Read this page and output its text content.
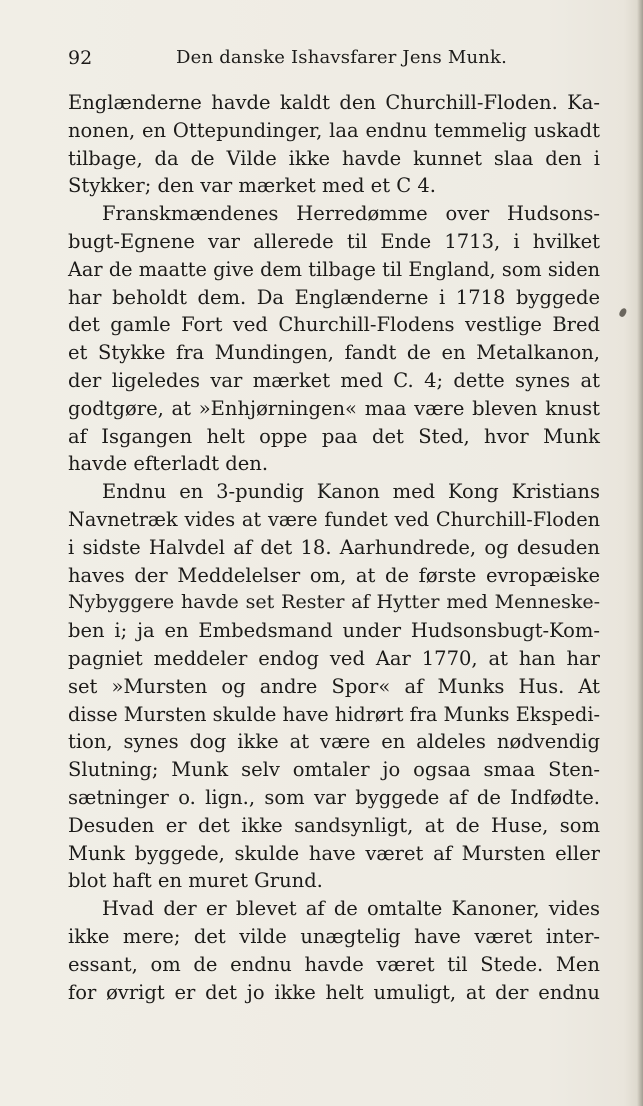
92	Den danske Ishavsfarer Jens Munk.
Englænderne havde kaldt den Churchill-Floden. Ka-
nonen, en Ottepundinger, laa endnu temmelig uskadt
tilbage, da de Vilde ikke havde kunnet slaa den i
Stykker; den var mærket med et C 4.
Franskmændenes Herredømme over Hudsons-
bugt-Egnene var allerede til Ende 1713, i hvilket
Aar de maatte give dem tilbage til England, som siden
har beholdt dem. Da Englænderne i 1718 byggede
det gamle Fort ved Churchill-Flodens vestlige Bred
et Stykke fra Mundingen, fandt de en Metalkanon,
der ligeledes var mærket med C. 4; dette synes at
godtgøre, at »Enhjørningen« maa være bleven knust
af Isgangen helt oppe paa det Sted, hvor Munk
havde efterladt den.
Endnu en 3-pundig Kanon med Kong Kristians
Navnetræk vides at være fundet ved Churchill-Floden
i sidste Halvdel af det 18. Aarhundrede, og desuden
haves der Meddelelser om, at de første evropæiske
Nybyggere havde set Rester af Hytter med Menneske-
ben i; ja en Embedsmand under Hudsonsbugt-Kom-
pagniet meddeler endog ved Aar 1770, at han har
set »Mursten og andre Spor« af Munks Hus. At
disse Mursten skulde have hidrørt fra Munks Ekspedi-
tion, synes dog ikke at være en aldeles nødvendig
Slutning; Munk selv omtaler jo ogsaa smaa Sten-
sætninger o. lign., som var byggede af de Indfødte.
Desuden er det ikke sandsynligt, at de Huse, som
Munk byggede, skulde have været af Mursten eller
blot haft en muret Grund.
Hvad der er blevet af de omtalte Kanoner, vides
ikke mere; det vilde unægtelig have været inter-
essant, om de endnu havde været til Stede. Men
for øvrigt er det jo ikke helt umuligt, at der endnu
